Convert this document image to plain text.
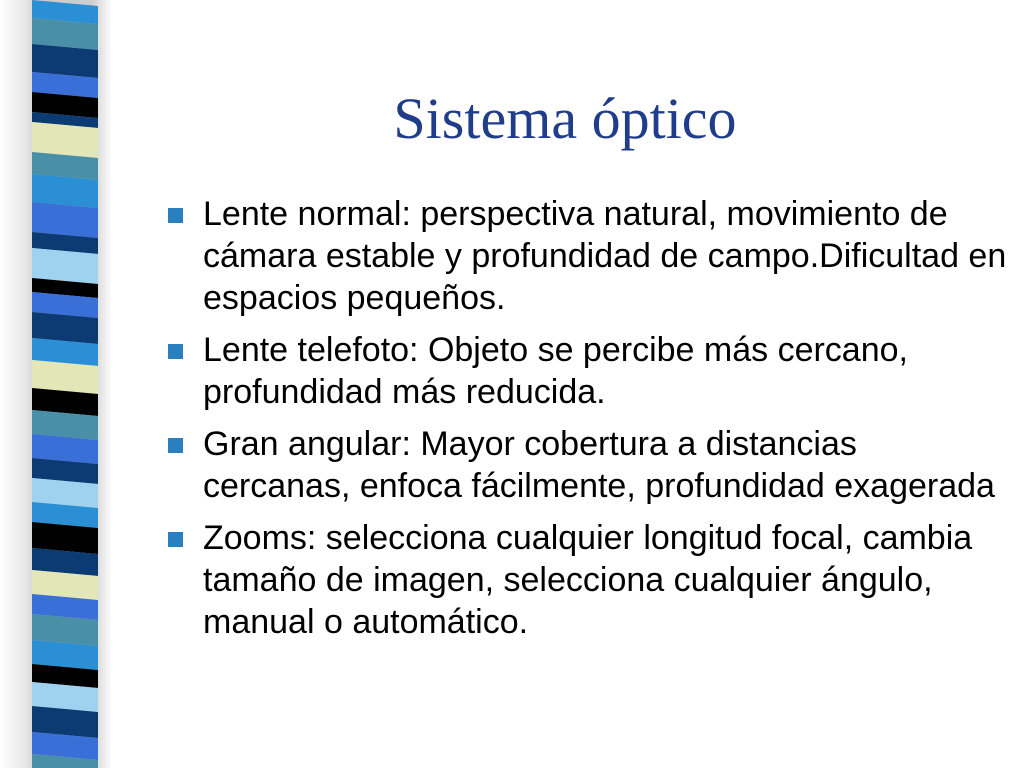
Sistema óptico
Lente normal: perspectiva natural, movimiento de cámara estable y profundidad de campo.Dificultad en espacios pequeños.
Lente telefoto: Objeto se percibe más cercano, profundidad más reducida.
Gran angular: Mayor cobertura a distancias cercanas, enfoca fácilmente, profundidad exagerada
Zooms: selecciona cualquier longitud focal, cambia tamaño de imagen, selecciona cualquier ángulo, manual o automático.
